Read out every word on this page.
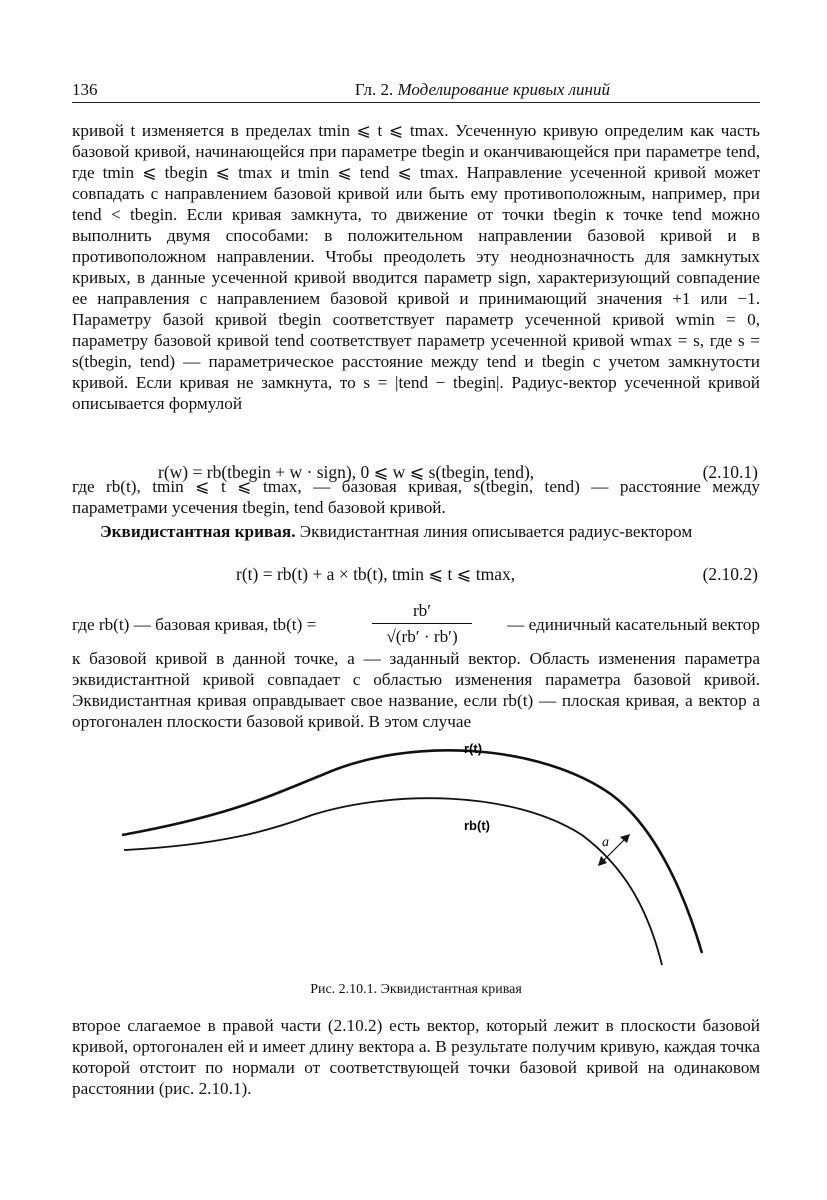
136	Гл. 2. Моделирование кривых линий

кривой t изменяется в пределах tmin ⩽ t ⩽ tmax. Усеченную кривую определим как часть базовой кривой, начинающейся при параметре tbegin и оканчивающейся при параметре tend, где tmin ⩽ tbegin ⩽ tmax и tmin ⩽ tend ⩽ tmax. Направление усеченной кривой может совпадать с направлением базовой кривой или быть ему противоположным, например, при tend < tbegin. Если кривая замкнута, то движение от точки tbegin к точке tend можно выполнить двумя способами: в положительном направлении базовой кривой и в противоположном направлении. Чтобы преодолеть эту неоднозначность для замкнутых кривых, в данные усеченной кривой вводится параметр sign, характеризующий совпадение ее направления с направлением базовой кривой и принимающий значения +1 или −1. Параметру базой кривой tbegin соответствует параметр усеченной кривой wmin = 0, параметру базовой кривой tend соответствует параметр усеченной кривой wmax = s, где s = s(tbegin, tend) — параметрическое расстояние между tend и tbegin с учетом замкнутости кривой. Если кривая не замкнута, то s = |tend − tbegin|. Радиус-вектор усеченной кривой описывается формулой

r(w) = rb(tbegin + w · sign), 0 ⩽ w ⩽ s(tbegin, tend),	(2.10.1)

где rb(t), tmin ⩽ t ⩽ tmax, — базовая кривая, s(tbegin, tend) — расстояние между параметрами усечения tbegin, tend базовой кривой.

Эквидистантная кривая. Эквидистантная линия описывается радиус-вектором

r(t) = rb(t) + a × tb(t), tmin ⩽ t ⩽ tmax,	(2.10.2)
где rb(t) — базовая кривая, tb(t) =	$\frac{rb'}{√(rb' \cdot rb')}$ — единичный касательный вектор

к базовой кривой в данной точке, a — заданный вектор. Область изменения параметра эквидистантной кривой совпадает с областью изменения параметра базовой кривой. Эквидистантная кривая оправдывает свое название, если rb(t) — плоская кривая, а вектор a ортогонален плоскости базовой кривой. В этом случае

r(t)
rb(t)
a
Рис. 2.10.1. Эквидистантная кривая

второе слагаемое в правой части (2.10.2) есть вектор, который лежит в плоскости базовой кривой, ортогонален ей и имеет длину вектора a. В результате получим кривую, каждая точка которой отстоит по нормали от соответствующей точки базовой кривой на одинаковом расстоянии (рис. 2.10.1).
